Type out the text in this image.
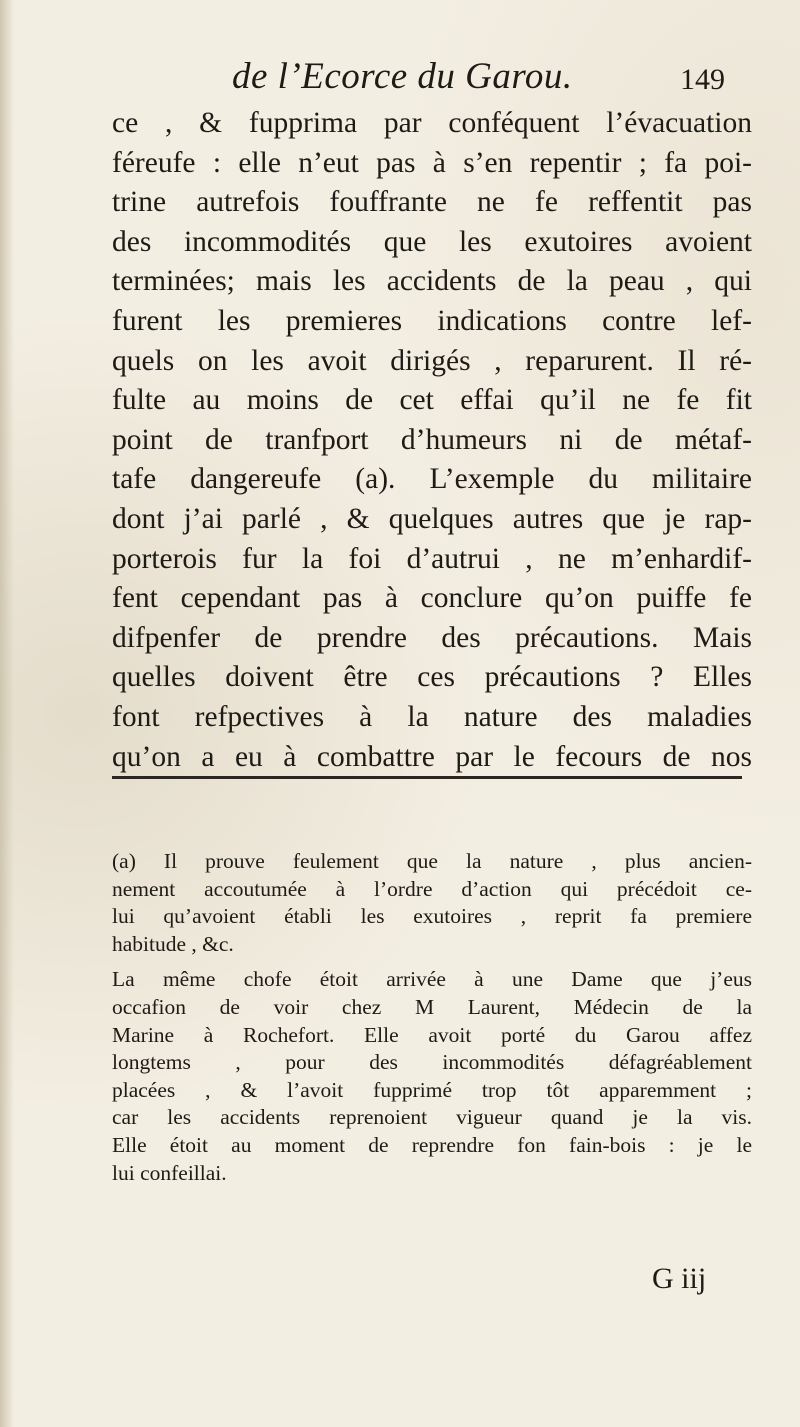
de l’Ecorce du Garou.	149
ce , & fupprima par conféquent l’évacuation
féreufe : elle n’eut pas à s’en repentir ; fa poi-
trine autrefois fouffrante ne fe reffentit pas
des incommodités que les exutoires avoient
terminées; mais les accidents de la peau , qui
furent les premieres indications contre lef-
quels on les avoit dirigés , reparurent. Il ré-
fulte au moins de cet effai qu’il ne fe fit
point de tranfport d’humeurs ni de métaf-
tafe dangereufe (a). L’exemple du militaire
dont j’ai parlé , & quelques autres que je rap-
porterois fur la foi d’autrui , ne m’enhardif-
fent cependant pas à conclure qu’on puiffe fe
difpenfer de prendre des précautions. Mais
quelles doivent être ces précautions ? Elles
font refpectives à la nature des maladies
qu’on a eu à combattre par le fecours de nos
(a) Il prouve feulement que la nature , plus ancien-
nement accoutumée à l’ordre d’action qui précédoit ce-
lui qu’avoient établi les exutoires , reprit fa premiere
habitude , &c.
La même chofe étoit arrivée à une Dame que j’eus
occafion de voir chez M Laurent, Médecin de la
Marine à Rochefort. Elle avoit porté du Garou affez
longtems , pour des incommodités défagréablement
placées , & l’avoit fupprimé trop tôt apparemment ;
car les accidents reprenoient vigueur quand je la vis.
Elle étoit au moment de reprendre fon fain-bois : je le
lui confeillai.
G iij
